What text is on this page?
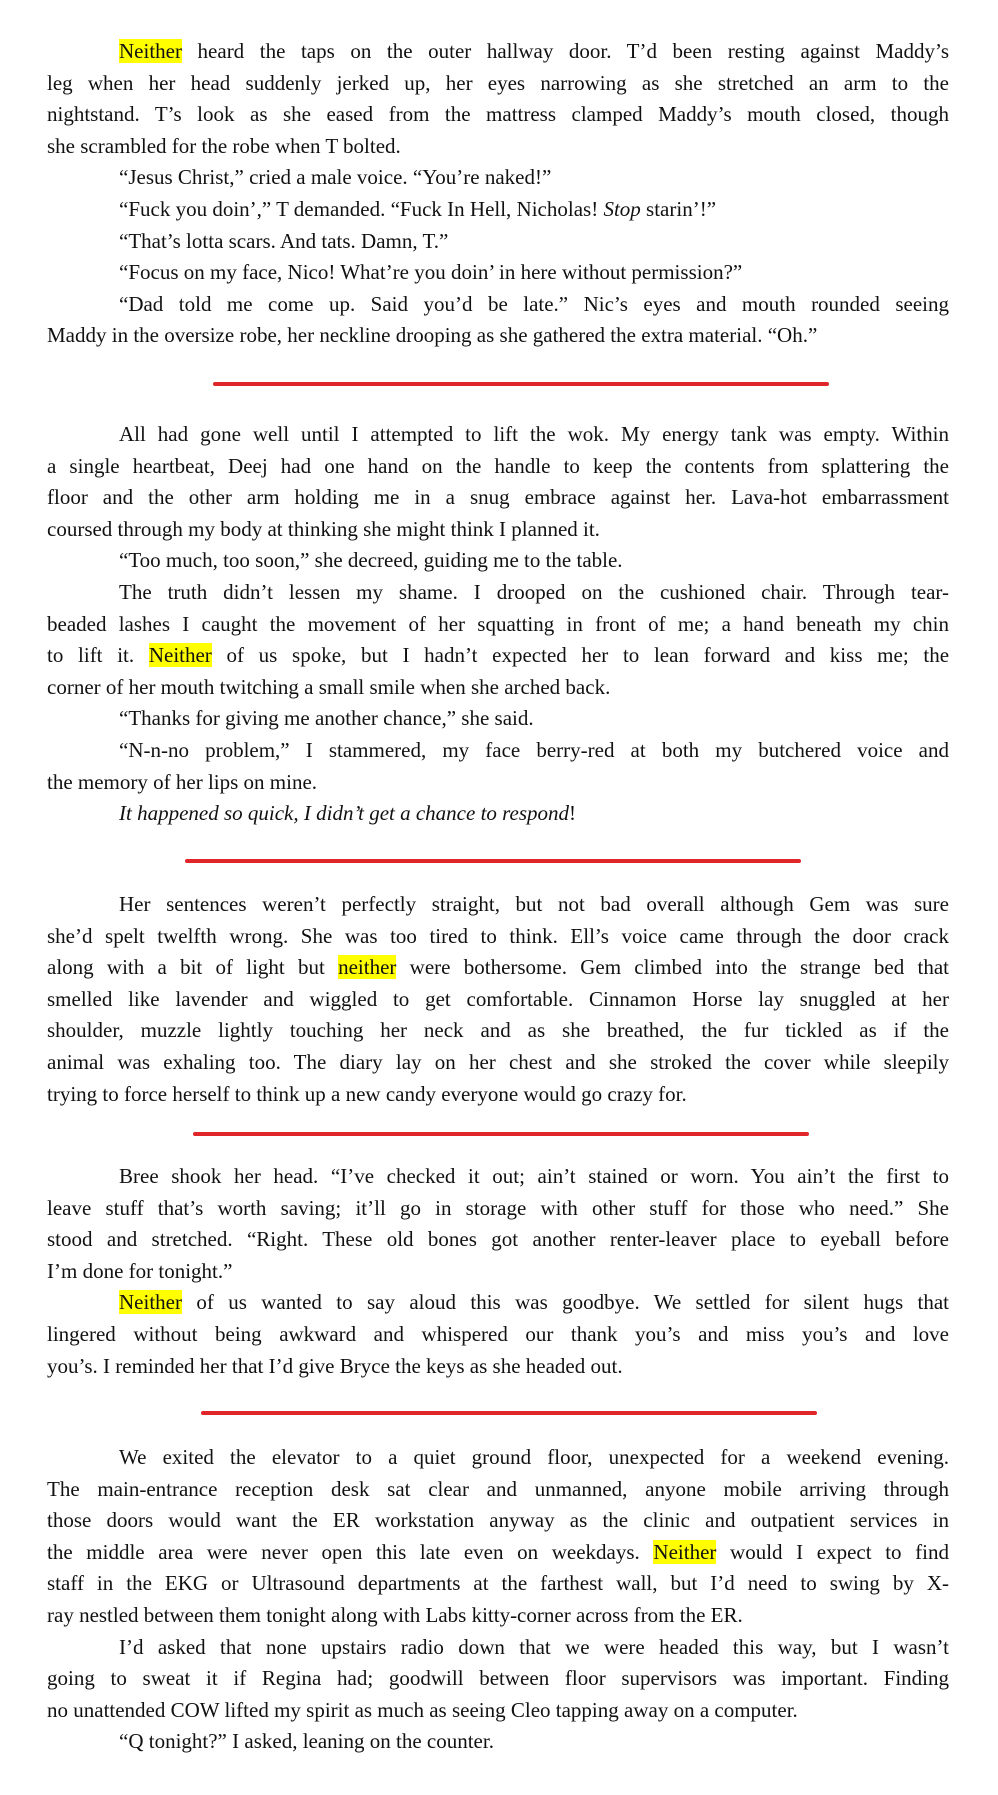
Neither heard the taps on the outer hallway door. T’d been resting against Maddy’s
leg when her head suddenly jerked up, her eyes narrowing as she stretched an arm to the
nightstand. T’s look as she eased from the mattress clamped Maddy’s mouth closed, though
she scrambled for the robe when T bolted.
“Jesus Christ,” cried a male voice. “You’re naked!”
“Fuck you doin’,” T demanded. “Fuck In Hell, Nicholas! Stop starin’!”
“That’s lotta scars. And tats. Damn, T.”
“Focus on my face, Nico! What’re you doin’ in here without permission?”
“Dad told me come up. Said you’d be late.” Nic’s eyes and mouth rounded seeing
Maddy in the oversize robe, her neckline drooping as she gathered the extra material. “Oh.”
All had gone well until I attempted to lift the wok. My energy tank was empty. Within
a single heartbeat, Deej had one hand on the handle to keep the contents from splattering the
floor and the other arm holding me in a snug embrace against her. Lava-hot embarrassment
coursed through my body at thinking she might think I planned it.
“Too much, too soon,” she decreed, guiding me to the table.
The truth didn’t lessen my shame. I drooped on the cushioned chair. Through tear-
beaded lashes I caught the movement of her squatting in front of me; a hand beneath my chin
to lift it. Neither of us spoke, but I hadn’t expected her to lean forward and kiss me; the
corner of her mouth twitching a small smile when she arched back.
“Thanks for giving me another chance,” she said.
“N-n-no problem,” I stammered, my face berry-red at both my butchered voice and
the memory of her lips on mine.
It happened so quick, I didn’t get a chance to respond!
Her sentences weren’t perfectly straight, but not bad overall although Gem was sure
she’d spelt twelfth wrong. She was too tired to think. Ell’s voice came through the door crack
along with a bit of light but neither were bothersome. Gem climbed into the strange bed that
smelled like lavender and wiggled to get comfortable. Cinnamon Horse lay snuggled at her
shoulder, muzzle lightly touching her neck and as she breathed, the fur tickled as if the
animal was exhaling too. The diary lay on her chest and she stroked the cover while sleepily
trying to force herself to think up a new candy everyone would go crazy for.
Bree shook her head. “I’ve checked it out; ain’t stained or worn. You ain’t the first to
leave stuff that’s worth saving; it’ll go in storage with other stuff for those who need.” She
stood and stretched. “Right. These old bones got another renter-leaver place to eyeball before
I’m done for tonight.”
Neither of us wanted to say aloud this was goodbye. We settled for silent hugs that
lingered without being awkward and whispered our thank you’s and miss you’s and love
you’s. I reminded her that I’d give Bryce the keys as she headed out.
We exited the elevator to a quiet ground floor, unexpected for a weekend evening.
The main-entrance reception desk sat clear and unmanned, anyone mobile arriving through
those doors would want the ER workstation anyway as the clinic and outpatient services in
the middle area were never open this late even on weekdays. Neither would I expect to find
staff in the EKG or Ultrasound departments at the farthest wall, but I’d need to swing by X-
ray nestled between them tonight along with Labs kitty-corner across from the ER.
I’d asked that none upstairs radio down that we were headed this way, but I wasn’t
going to sweat it if Regina had; goodwill between floor supervisors was important. Finding
no unattended COW lifted my spirit as much as seeing Cleo tapping away on a computer.
“Q tonight?” I asked, leaning on the counter.
